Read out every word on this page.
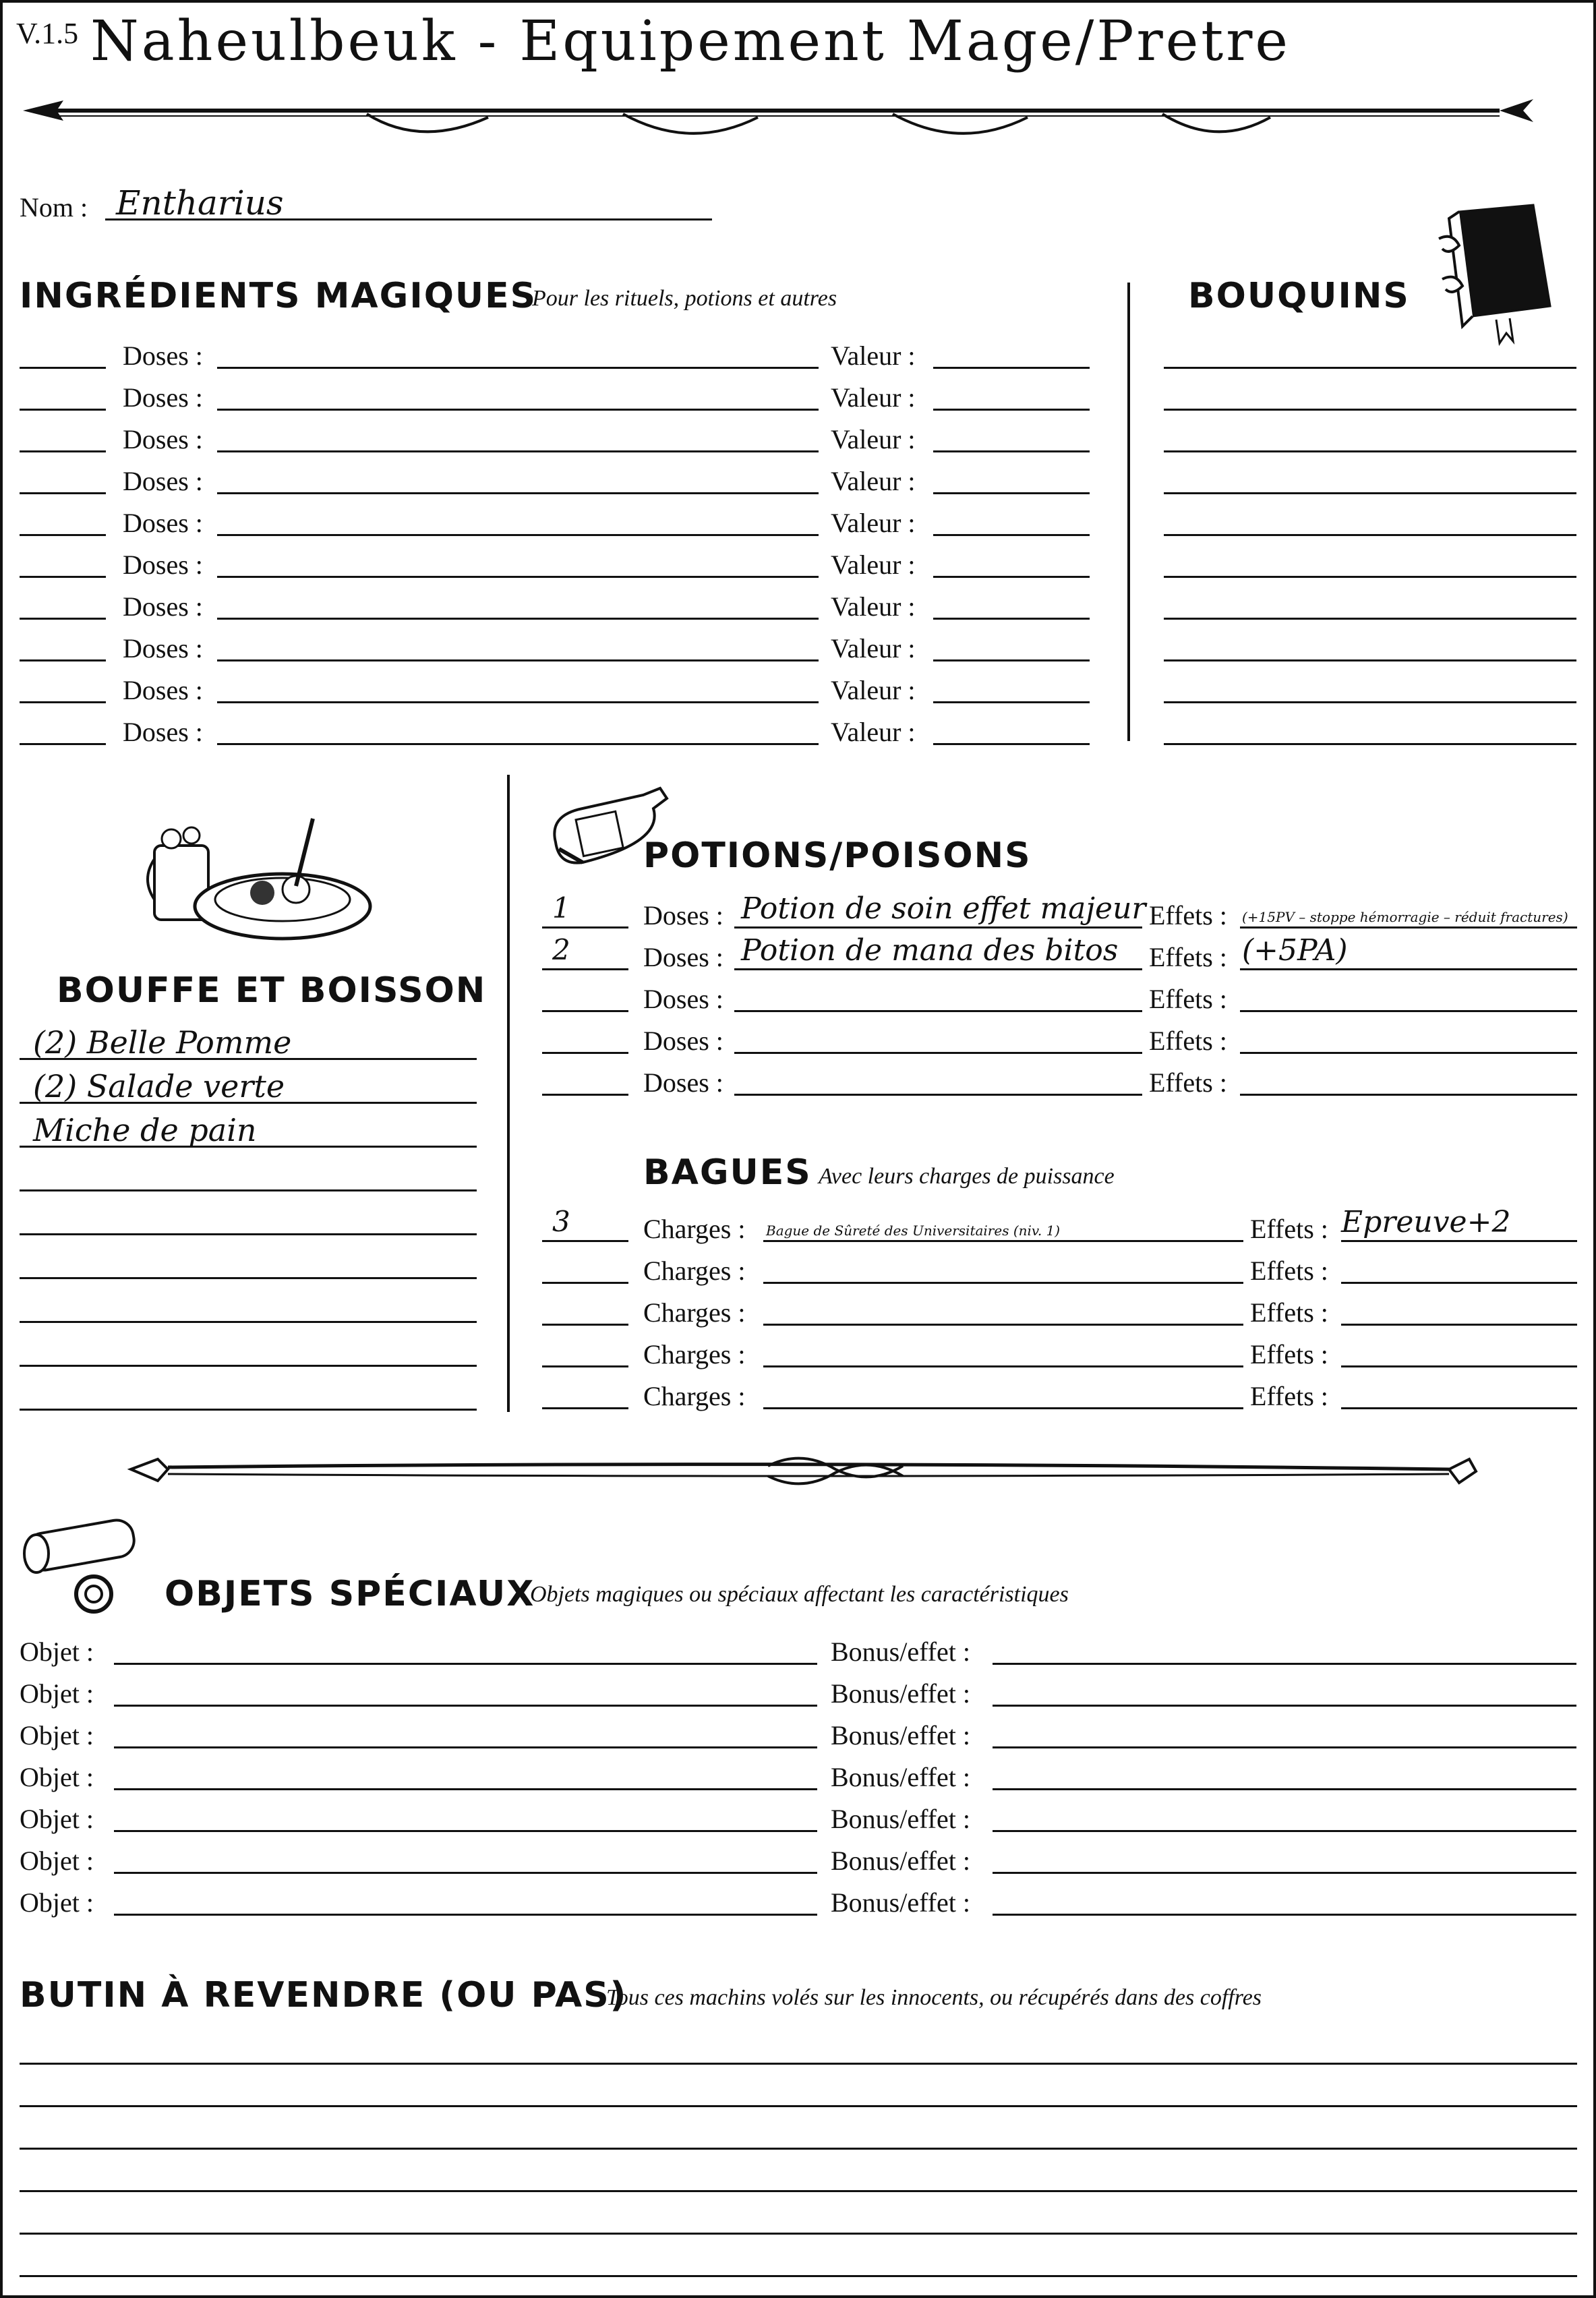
V.1.5 Naheulbeuk - Equipement Mage/Pretre
Nom : Entharius
INGRÉDIENTS MAGIQUES
Pour les rituels, potions et autres
Doses :	Valeur :
Doses :	Valeur :
Doses :	Valeur :
Doses :	Valeur :
Doses :	Valeur :
Doses :	Valeur :
Doses :	Valeur :
Doses :	Valeur :
Doses :	Valeur :
Doses :	Valeur :
BOUQUINS
BOUFFE ET BOISSON
(2) Belle Pomme
(2) Salade verte
Miche de pain
POTIONS/POISONS
1	Doses : Potion de soin effet majeur Effets : (+15PV – stoppe hémorragie – réduit fractures)
2	Doses : Potion de mana des bitos Effets : (+5PA)
Doses :	Effets :
Doses :	Effets :
Doses :	Effets :
BAGUES Avec leurs charges de puissance
3	Charges : Bague de Sûreté des Universitaires (niv. 1)	Effets : Epreuve+2
Charges :	Effets :
Charges :	Effets :
Charges :	Effets :
Charges :	Effets :
OBJETS SPÉCIAUX
Objets magiques ou spéciaux affectant les caractéristiques
Objet :	Bonus/effet :
Objet :	Bonus/effet :
Objet :	Bonus/effet :
Objet :	Bonus/effet :
Objet :	Bonus/effet :
Objet :	Bonus/effet :
Objet :	Bonus/effet :
BUTIN À REVENDRE (OU PAS)
Tous ces machins volés sur les innocents, ou récupérés dans des coffres
